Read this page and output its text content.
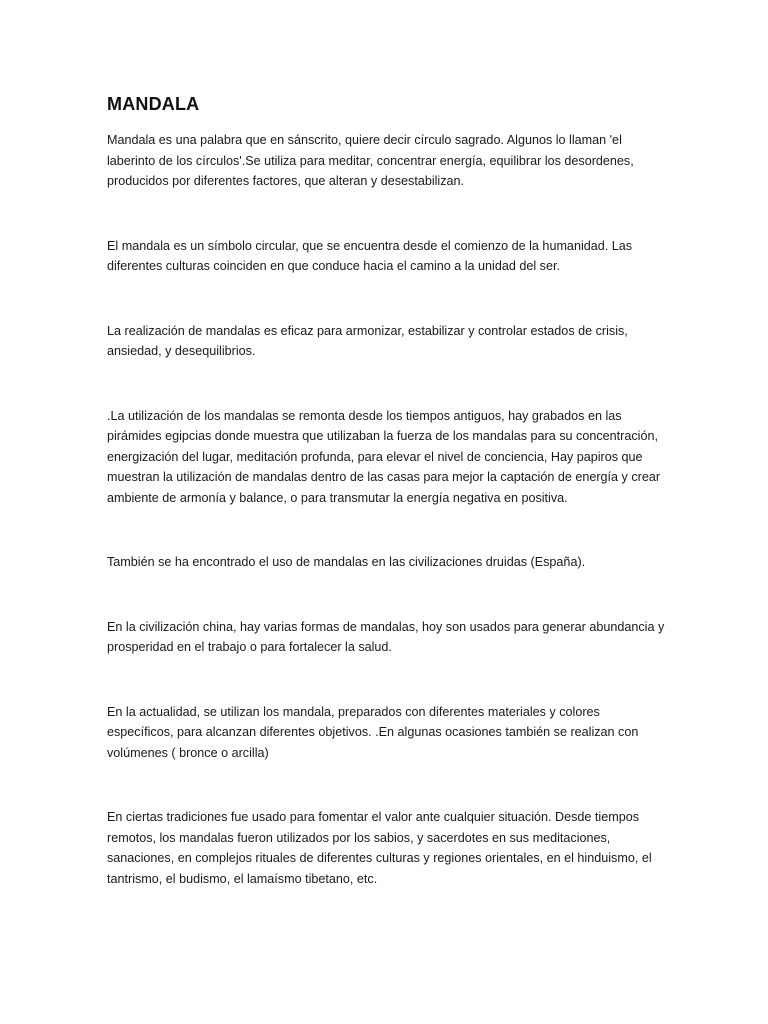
MANDALA

Mandala es una palabra que en sánscrito, quiere decir círculo sagrado. Algunos lo llaman 'el
laberinto de los círculos'.Se utiliza para meditar, concentrar energía, equilibrar los desordenes,
producidos por diferentes factores, que alteran y desestabilizan.

El mandala es un símbolo circular, que se encuentra desde el comienzo de la humanidad. Las
diferentes culturas coinciden en que conduce hacia el camino a la unidad del ser.

La realización de mandalas es eficaz para armonizar, estabilizar y controlar estados de crisis,
ansiedad, y desequilibrios.

.La utilización de los mandalas se remonta desde los tiempos antiguos, hay grabados en las
pirámides egipcias donde muestra que utilizaban la fuerza de los mandalas para su concentración,
energización del lugar, meditación profunda, para elevar el nivel de conciencia, Hay papiros que
muestran la utilización de mandalas dentro de las casas para mejor la captación de energía y crear
ambiente de armonía y balance, o para transmutar la energía negativa en positiva.

También se ha encontrado el uso de mandalas en las civilizaciones druidas (España).

En la civilización china, hay varias formas de mandalas, hoy son usados para generar abundancia y
prosperidad en el trabajo o para fortalecer la salud.

En la actualidad, se utilizan los mandala, preparados con diferentes materiales y colores
específicos, para alcanzan diferentes objetivos. .En algunas ocasiones también se realizan con
volúmenes ( bronce o arcilla)

En ciertas tradiciones fue usado para fomentar el valor ante cualquier situación. Desde tiempos
remotos, los mandalas fueron utilizados por los sabios, y sacerdotes en sus meditaciones,
sanaciones, en complejos rituales de diferentes culturas y regiones orientales, en el hinduismo, el
tantrismo, el budismo, el lamaísmo tibetano, etc.
